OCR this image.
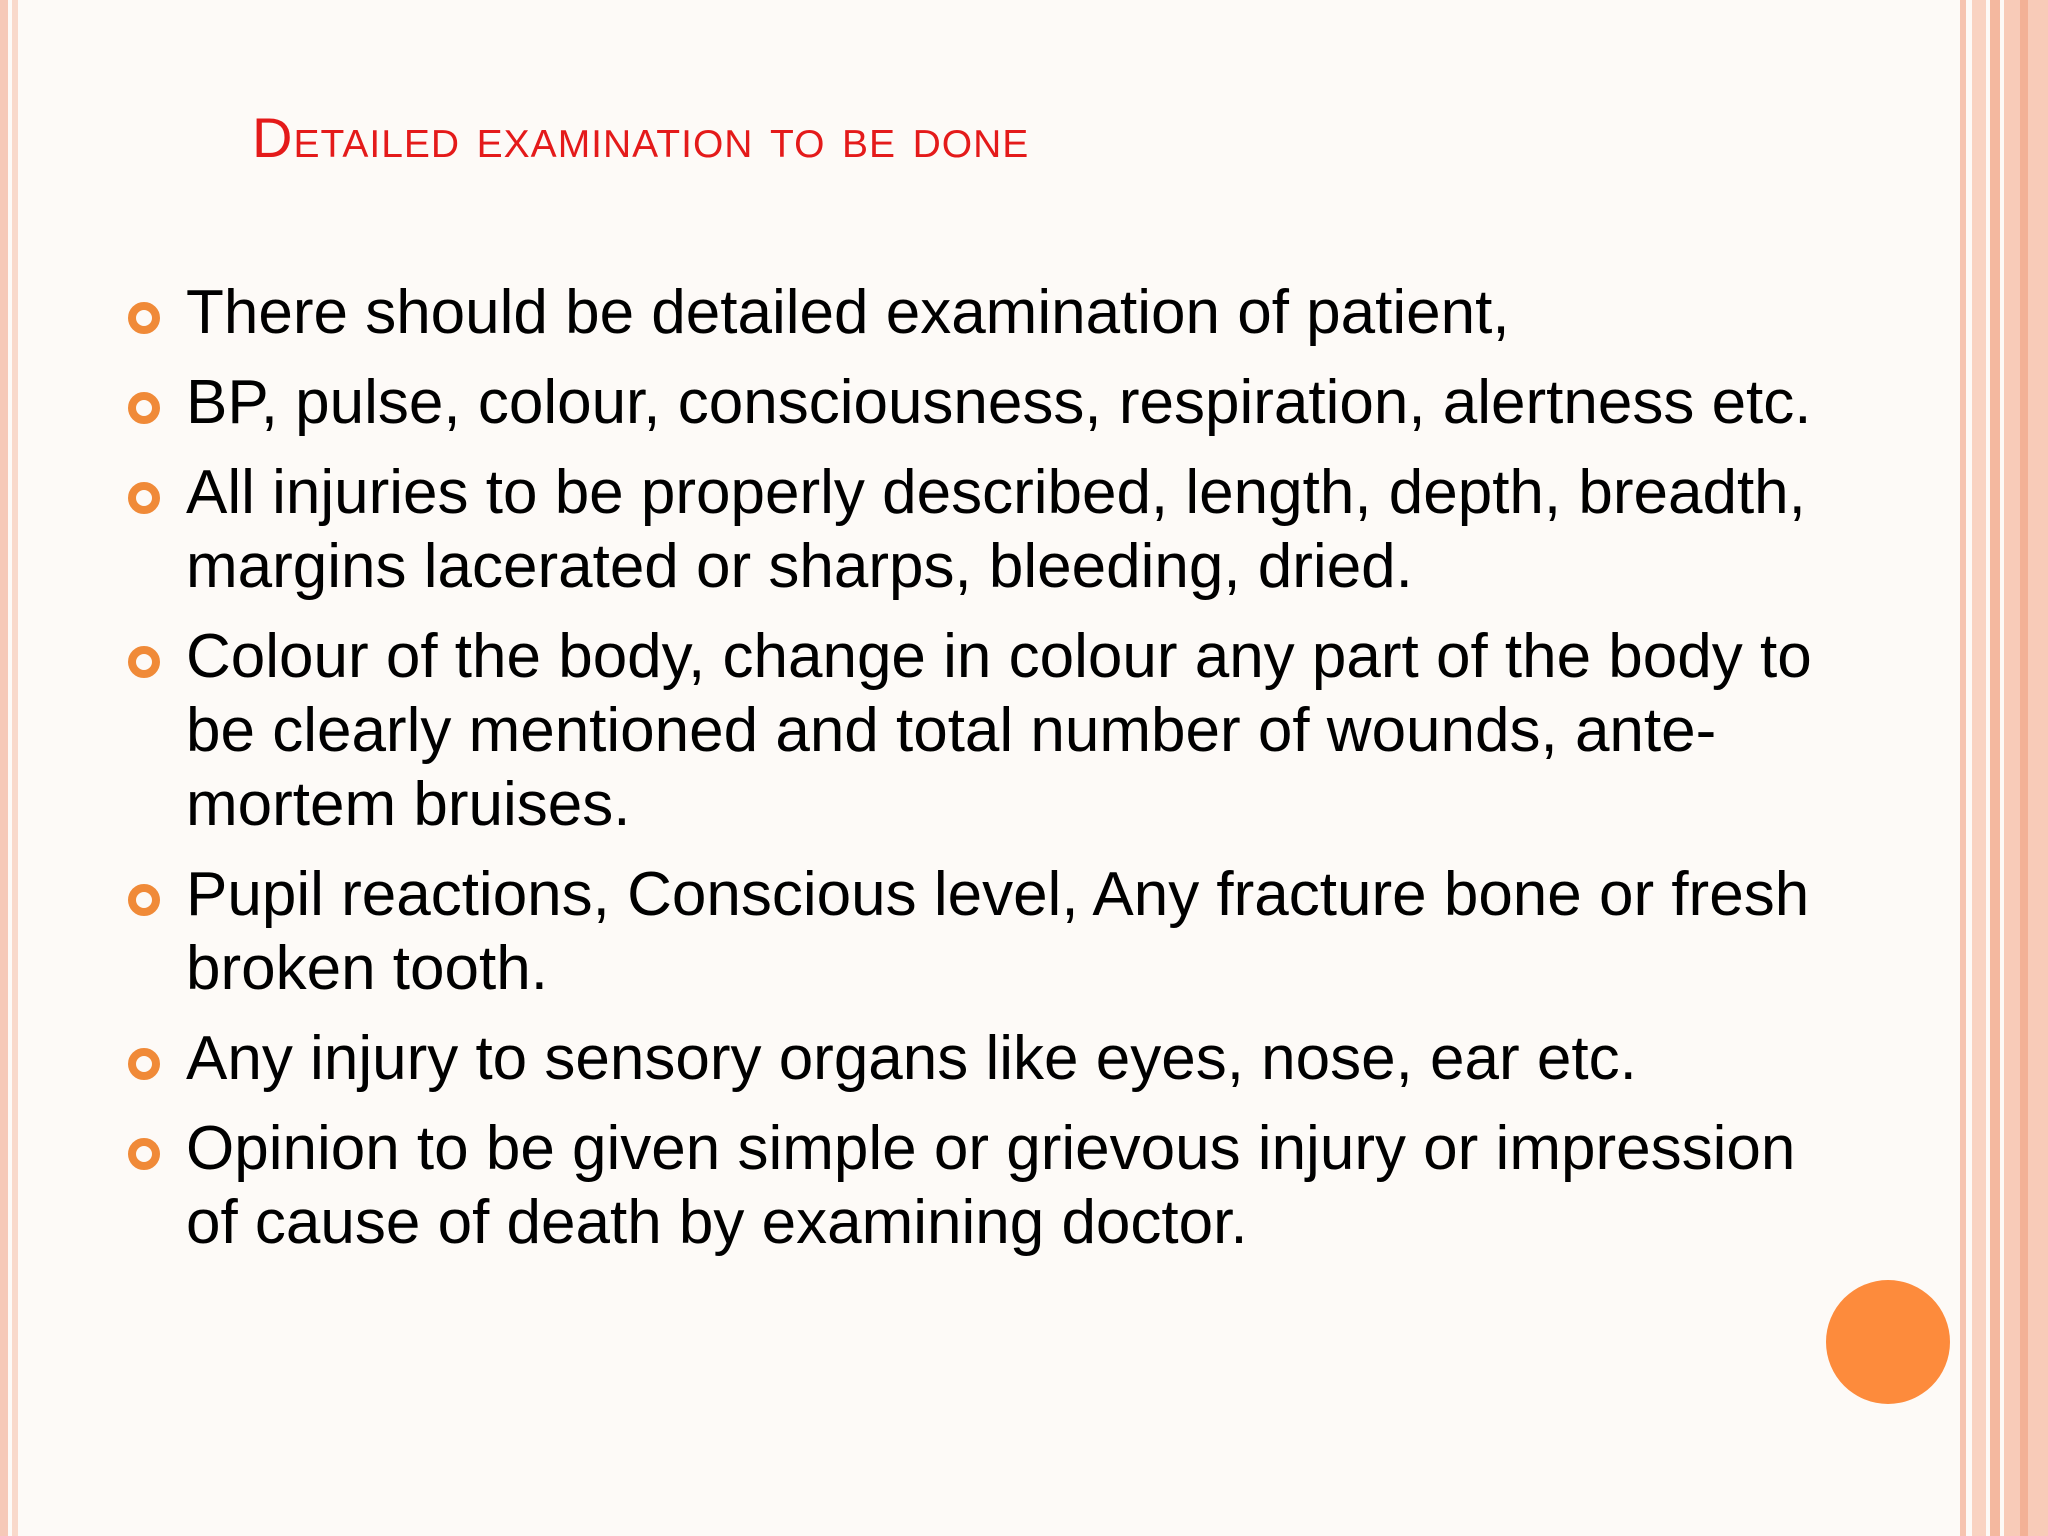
Detailed examination to be done
There should be detailed examination of patient,
BP, pulse, colour, consciousness, respiration, alertness etc.
All injuries to be properly described, length, depth, breadth, margins lacerated or sharps, bleeding, dried.
Colour of the body, change in colour any part of the body to be clearly mentioned and total number of wounds, ante-mortem bruises.
Pupil reactions, Conscious level, Any fracture bone or fresh broken tooth.
Any injury to sensory organs like eyes, nose, ear etc.
Opinion to be given simple or grievous injury or impression of cause of death by examining doctor.
